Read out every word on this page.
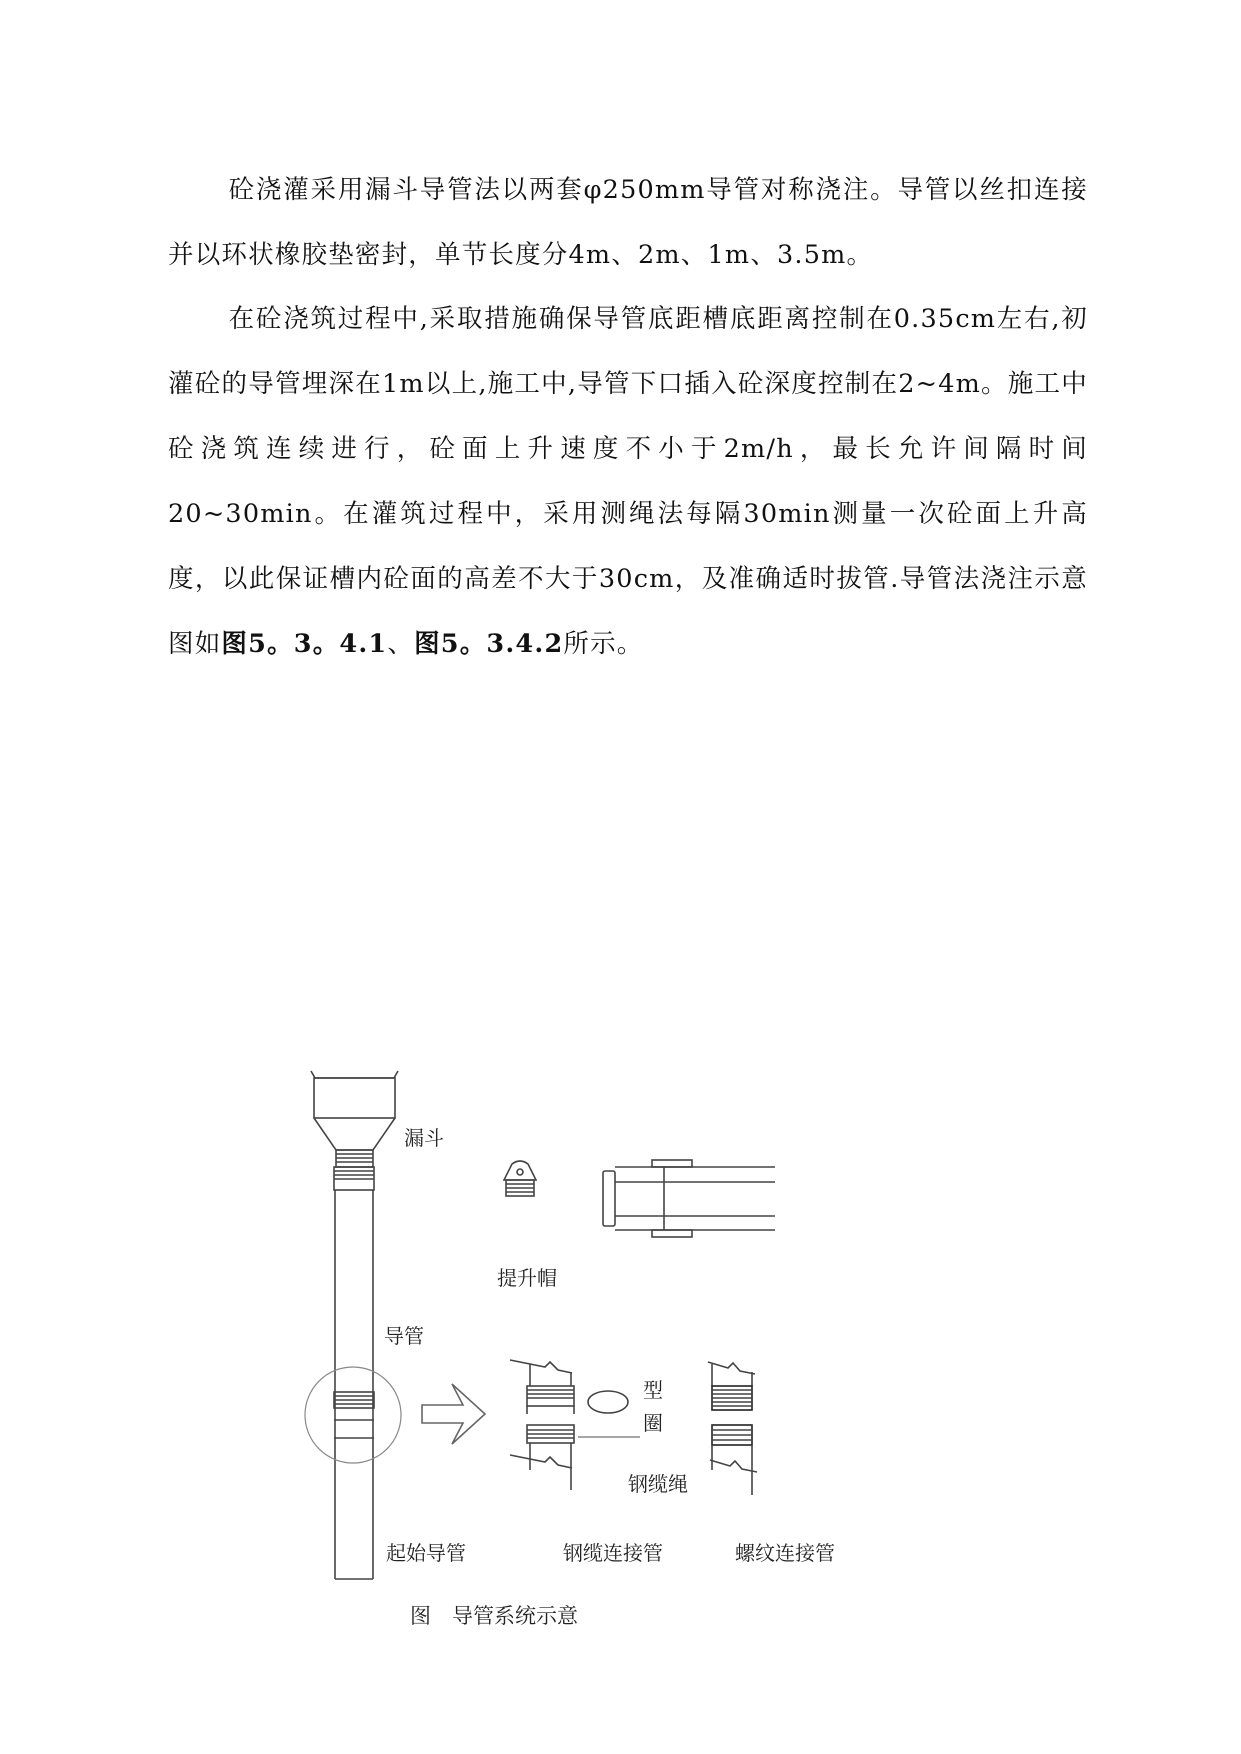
砼浇灌采用漏斗导管法以两套φ250mm导管对称浇注。导管以丝扣连接并以环状橡胶垫密封，单节长度分4m、2m、1m、3.5m。

在砼浇筑过程中,采取措施确保导管底距槽底距离控制在0.35cm左右,初灌砼的导管埋深在1m以上,施工中,导管下口插入砼深度控制在2~4m。施工中砼浇筑连续进行，砼面上升速度不小于2m/h，最长允许间隔时间20~30min。在灌筑过程中，采用测绳法每隔30min测量一次砼面上升高度，以此保证槽内砼面的高差不大于30cm，及准确适时拔管.导管法浇注示意图如图5。3。4.1、图5。3.4.2所示。

漏斗
提升帽
导管
型
圈
钢缆绳
起始导管	钢缆连接管	螺纹连接管
图　导管系统示意
